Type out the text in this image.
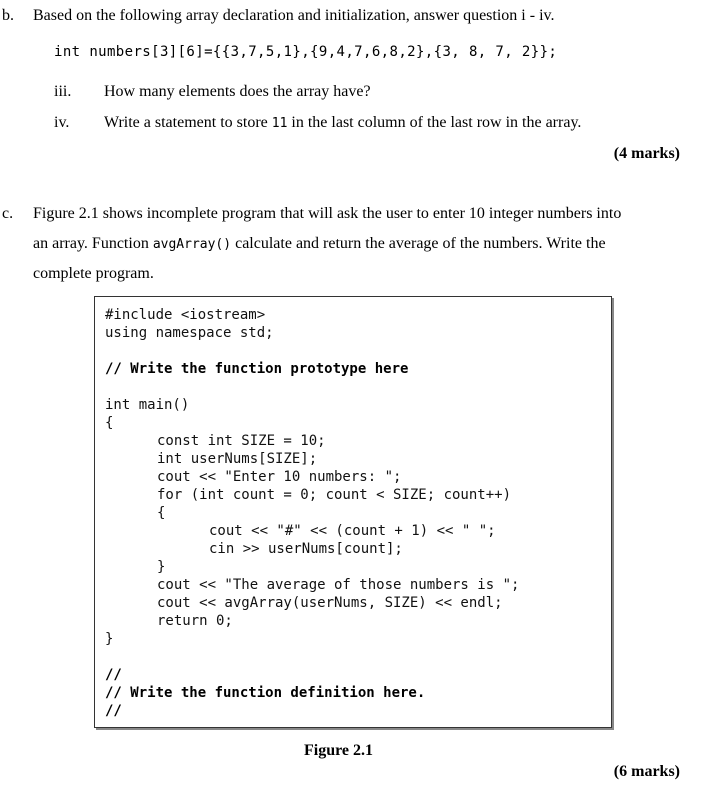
b. Based on the following array declaration and initialization, answer question i - iv.
int numbers[3][6]={{3,7,5,1},{9,4,7,6,8,2},{3, 8, 7, 2}};
iii. How many elements does the array have?
iv. Write a statement to store 11 in the last column of the last row in the array.
(4 marks)
c. Figure 2.1 shows incomplete program that will ask the user to enter 10 integer numbers into
an array. Function avgArray() calculate and return the average of the numbers. Write the
complete program.
#include <iostream>
using namespace std;
// Write the function prototype here
int main()
{
const int SIZE = 10;
int userNums[SIZE];
cout << "Enter 10 numbers: ";
for (int count = 0; count < SIZE; count++)
{
cout << "#" << (count + 1) << " ";
cin >> userNums[count];
}
cout << "The average of those numbers is ";
cout << avgArray(userNums, SIZE) << endl;
return 0;
}
//
// Write the function definition here.
//
Figure 2.1
(6 marks)
